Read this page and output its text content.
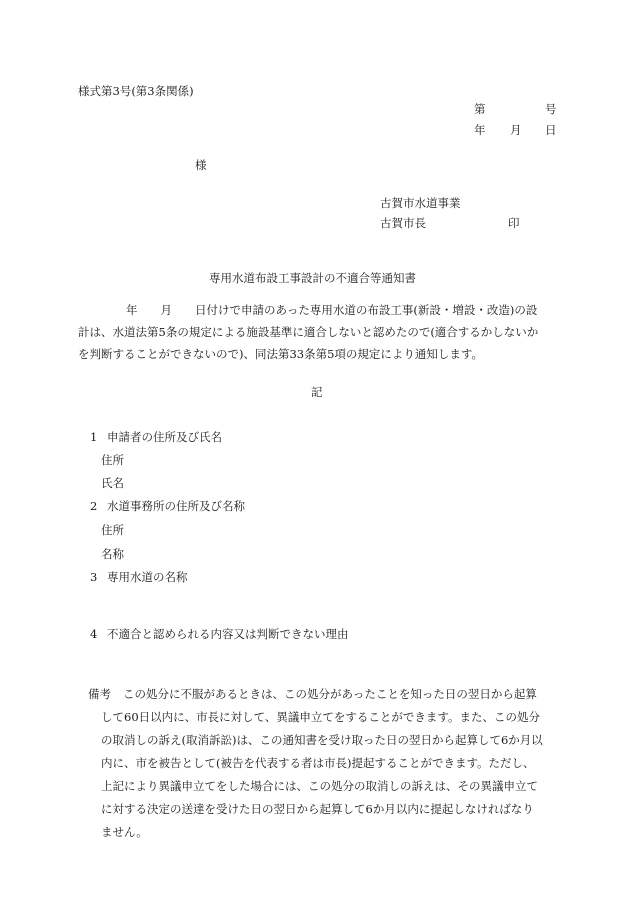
様式第3号(第3条関係)
第	号
年 月 日
様
古賀市水道事業
古賀市長	印
専用水道布設工事設計の不適合等通知書
年　　月　　日付けで申請のあった専用水道の布設工事(新設・増設・改造)の設
計は、水道法第5条の規定による施設基準に適合しないと認めたので(適合するかしないか
を判断することができないので)、同法第33条第5項の規定により通知します。
記
1 申請者の住所及び氏名
住所
氏名
2 水道事務所の住所及び名称
住所
名称
3 専用水道の名称
4 不適合と認められる内容又は判断できない理由
備考 この処分に不服があるときは、この処分があったことを知った日の翌日から起算
して60日以内に、市長に対して、異議申立てをすることができます。また、この処分
の取消しの訴え(取消訴訟)は、この通知書を受け取った日の翌日から起算して6か月以
内に、市を被告として(被告を代表する者は市長)提起することができます。ただし、
上記により異議申立てをした場合には、この処分の取消しの訴えは、その異議申立て
に対する決定の送達を受けた日の翌日から起算して6か月以内に提起しなければなり
ません。
